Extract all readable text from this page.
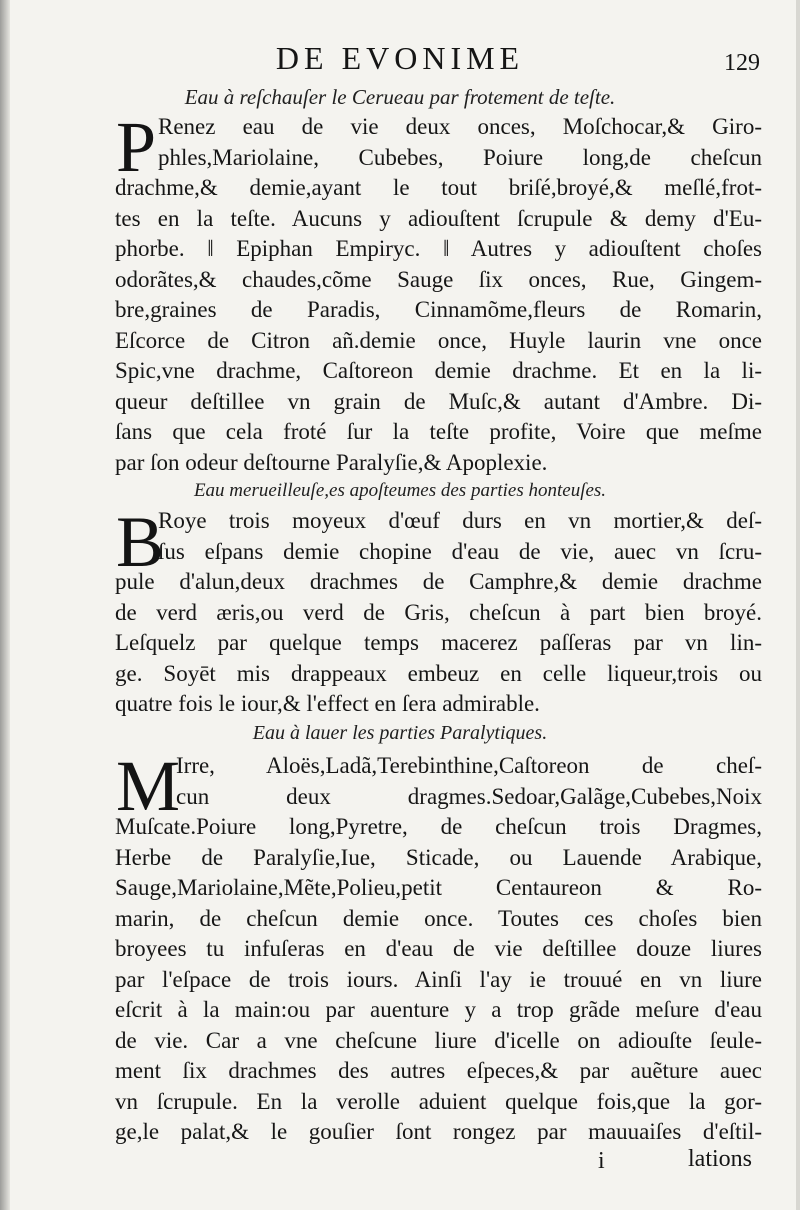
DE EVONIME	129
Eau à reſchauſer le Cerueau par frotement de teſte.
P Renez eau de vie deux onces, Moſchocar,& Giro-
phles,Mariolaine, Cubebes, Poiure long,de cheſcun
drachme,& demie,ayant le tout briſé,broyé,& meſlé,frot-
tes en la teſte. Aucuns y adiouſtent ſcrupule & demy d'Eu-
phorbe. ‖ Epiphan Empiryc. ‖ Autres y adiouſtent choſes
odorãtes,& chaudes,cõme Sauge ſix onces, Rue, Gingem-
bre,graines de Paradis, Cinnamõme,fleurs de Romarin,
Eſcorce de Citron añ.demie once, Huyle laurin vne once
Spic,vne drachme, Caſtoreon demie drachme. Et en la li-
queur deſtillee vn grain de Muſc,& autant d'Ambre. Di-
ſans que cela froté ſur la teſte profite, Voire que meſme
par ſon odeur deſtourne Paralyſie,& Apoplexie.
Eau merueilleuſe,es apoſteumes des parties honteuſes.
B
Roye trois moyeux d'œuf durs en vn mortier,& deſ-
ſus eſpans demie chopine d'eau de vie, auec vn ſcru-
pule d'alun,deux drachmes de Camphre,& demie drachme
de verd æris,ou verd de Gris, cheſcun à part bien broyé.
Leſquelz par quelque temps macerez paſſeras par vn lin-
ge. Soyēt mis drappeaux embeuz en celle liqueur,trois ou
quatre fois le iour,& l'effect en ſera admirable.
Eau à lauer les parties Paralytiques.
M
Irre, Aloës,Ladã,Terebinthine,Caſtoreon de cheſ-
cun deux dragmes.Sedoar,Galãge,Cubebes,Noix
Muſcate.Poiure long,Pyretre, de cheſcun trois Dragmes,
Herbe de Paralyſie,Iue, Sticade, ou Lauende Arabique,
Sauge,Mariolaine,Mẽte,Polieu,petit Centaureon & Ro-
marin, de cheſcun demie once. Toutes ces choſes bien
broyees tu infuſeras en d'eau de vie deſtillee douze liures
par l'eſpace de trois iours. Ainſi l'ay ie trouué en vn liure
eſcrit à la main:ou par auenture y a trop grãde meſure d'eau
de vie. Car a vne cheſcune liure d'icelle on adiouſte ſeule-
ment ſix drachmes des autres eſpeces,& par auẽture auec
vn ſcrupule. En la verolle aduient quelque fois,que la gor-
ge,le palat,& le gouſier ſont rongez par mauuaiſes d'eſtil-
i	lations
